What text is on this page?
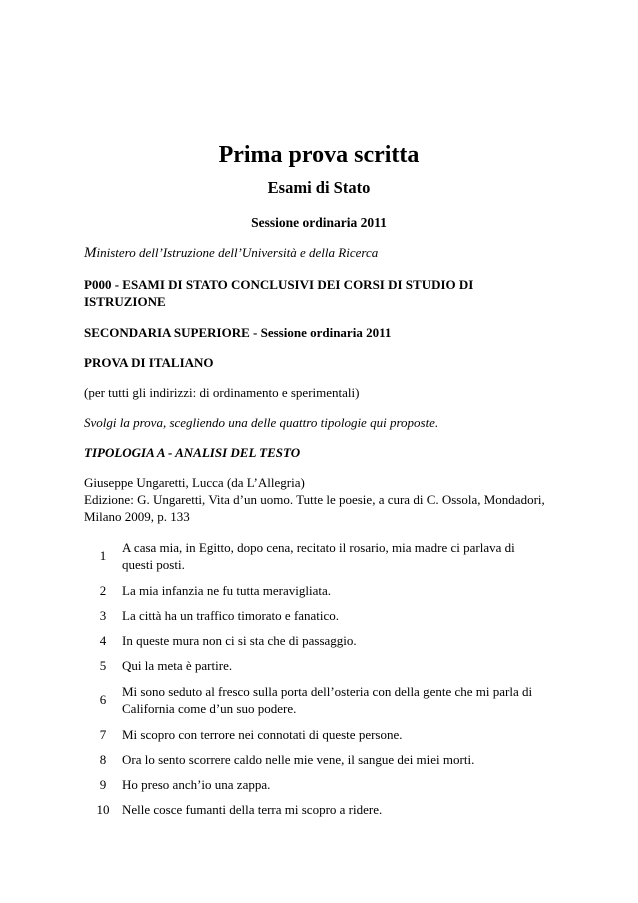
Prima prova scritta
Esami di Stato
Sessione ordinaria 2011
Ministero dell’Istruzione dell’Università e della Ricerca
P000 - ESAMI DI STATO CONCLUSIVI DEI CORSI DI STUDIO DI
ISTRUZIONE
SECONDARIA SUPERIORE - Sessione ordinaria 2011
PROVA DI ITALIANO
(per tutti gli indirizzi: di ordinamento e sperimentali)
Svolgi la prova, scegliendo una delle quattro tipologie qui proposte.
TIPOLOGIA A - ANALISI DEL TESTO
Giuseppe Ungaretti, Lucca (da L’Allegria)
Edizione: G. Ungaretti, Vita d’un uomo. Tutte le poesie, a cura di C. Ossola, Mondadori,
Milano 2009, p. 133
1	A casa mia, in Egitto, dopo cena, recitato il rosario, mia madre ci parlava di
questi posti.

2	La mia infanzia ne fu tutta meravigliata.
3	La città ha un traffico timorato e fanatico.
4	In queste mura non ci si sta che di passaggio.
5	Qui la meta è partire.
6	Mi sono seduto al fresco sulla porta dell’osteria con della gente che mi parla di
California come d’un suo podere.

7	Mi scopro con terrore nei connotati di queste persone.
8	Ora lo sento scorrere caldo nelle mie vene, il sangue dei miei morti.
9	Ho preso anch’io una zappa.
10	Nelle cosce fumanti della terra mi scopro a ridere.
